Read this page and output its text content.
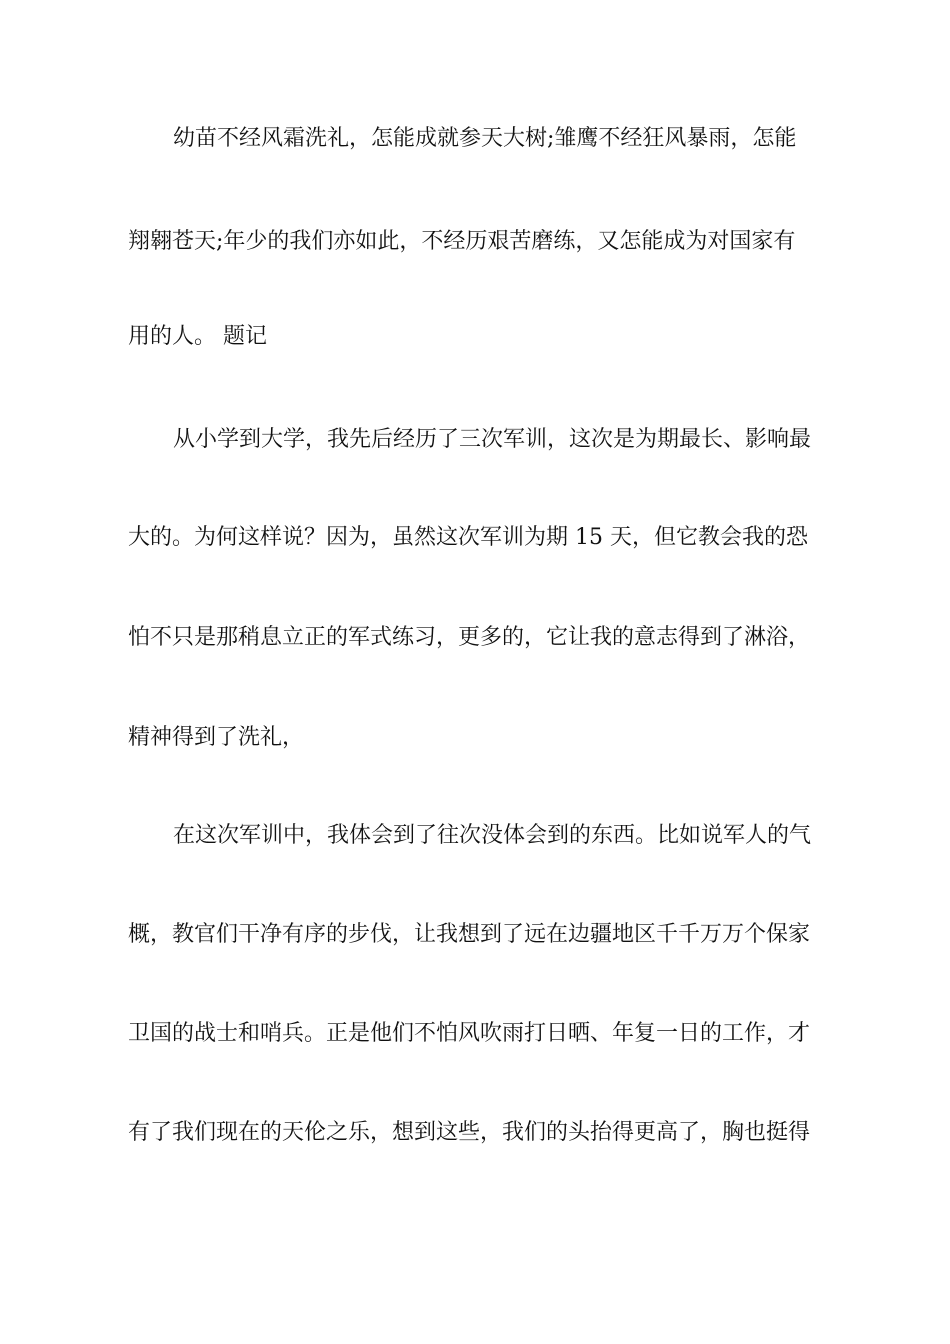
幼苗不经风霜洗礼，怎能成就参天大树;雏鹰不经狂风暴雨，怎能
翔翱苍天;年少的我们亦如此，不经历艰苦磨练，又怎能成为对国家有
用的人。 题记
从小学到大学，我先后经历了三次军训，这次是为期最长、影响最
大的。为何这样说？因为，虽然这次军训为期 15 天，但它教会我的恐
怕不只是那稍息立正的军式练习，更多的，它让我的意志得到了淋浴，
精神得到了洗礼，
在这次军训中，我体会到了往次没体会到的东西。比如说军人的气
概，教官们干净有序的步伐，让我想到了远在边疆地区千千万万个保家
卫国的战士和哨兵。正是他们不怕风吹雨打日晒、年复一日的工作，才
有了我们现在的天伦之乐，想到这些，我们的头抬得更高了，胸也挺得
